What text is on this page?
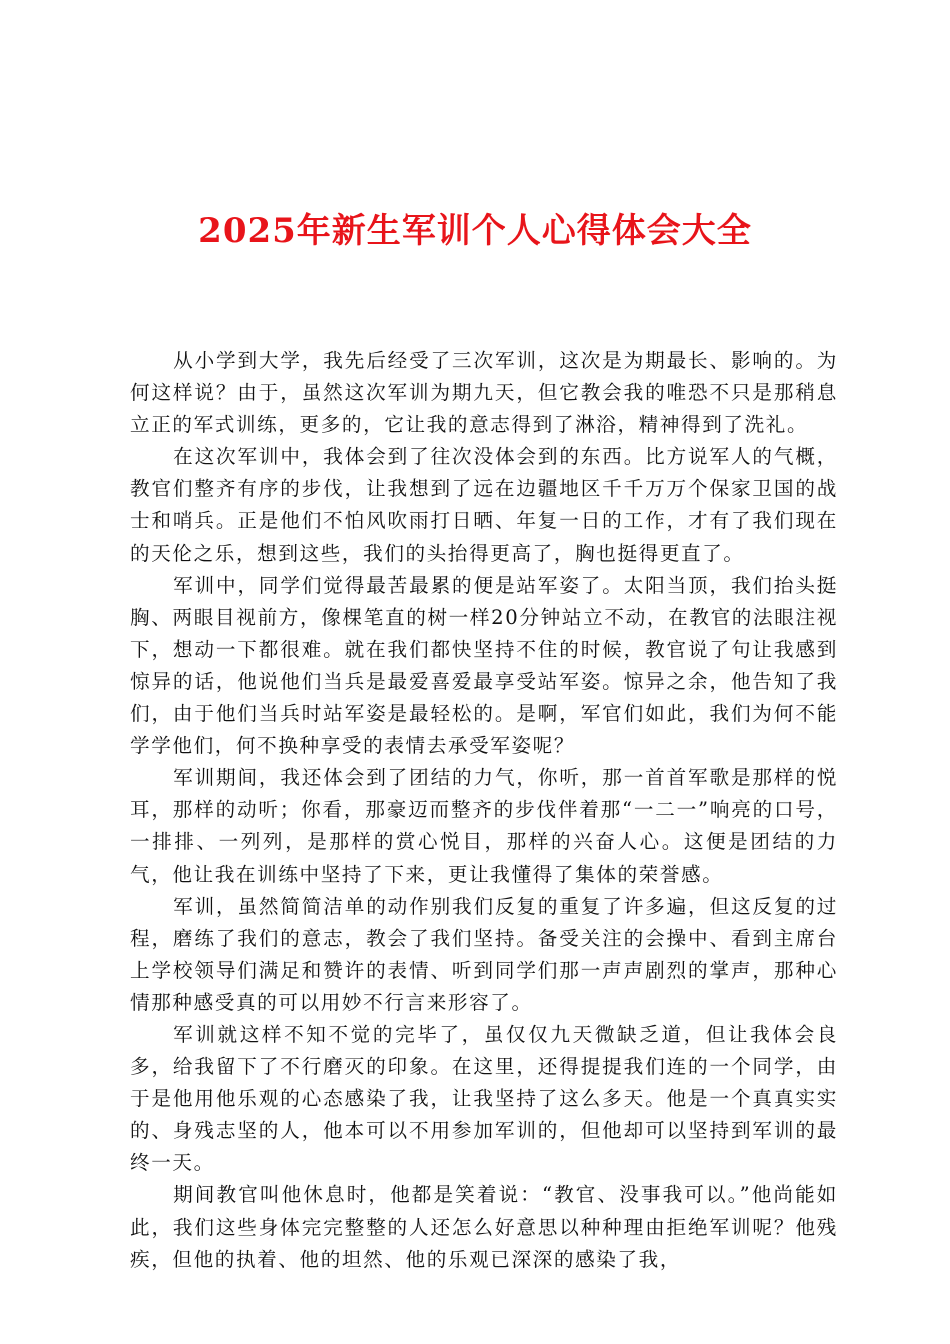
2025年新生军训个人心得体会大全

从小学到大学，我先后经受了三次军训，这次是为期最长、影响的。为何这样说？由于，虽然这次军训为期九天，但它教会我的唯恐不只是那稍息立正的军式训练，更多的，它让我的意志得到了淋浴，精神得到了洗礼。

在这次军训中，我体会到了往次没体会到的东西。比方说军人的气概，教官们整齐有序的步伐，让我想到了远在边疆地区千千万万个保家卫国的战士和哨兵。正是他们不怕风吹雨打日晒、年复一日的工作，才有了我们现在的天伦之乐，想到这些，我们的头抬得更高了，胸也挺得更直了。

军训中，同学们觉得最苦最累的便是站军姿了。太阳当顶，我们抬头挺胸、两眼目视前方，像棵笔直的树一样20分钟站立不动，在教官的法眼注视下，想动一下都很难。就在我们都快坚持不住的时候，教官说了句让我感到惊异的话，他说他们当兵是最爱喜爱最享受站军姿。惊异之余，他告知了我们，由于他们当兵时站军姿是最轻松的。是啊，军官们如此，我们为何不能学学他们，何不换种享受的表情去承受军姿呢？

军训期间，我还体会到了团结的力气，你听，那一首首军歌是那样的悦耳，那样的动听；你看，那豪迈而整齐的步伐伴着那“一二一”响亮的口号，一排排、一列列，是那样的赏心悦目，那样的兴奋人心。这便是团结的力气，他让我在训练中坚持了下来，更让我懂得了集体的荣誉感。

军训，虽然简简洁单的动作别我们反复的重复了许多遍，但这反复的过程，磨练了我们的意志，教会了我们坚持。备受关注的会操中、看到主席台上学校领导们满足和赞许的表情、听到同学们那一声声剧烈的掌声，那种心情那种感受真的可以用妙不行言来形容了。

军训就这样不知不觉的完毕了，虽仅仅九天微缺乏道，但让我体会良多，给我留下了不行磨灭的印象。在这里，还得提提我们连的一个同学，由于是他用他乐观的心态感染了我，让我坚持了这么多天。他是一个真真实实的、身残志坚的人，他本可以不用参加军训的，但他却可以坚持到军训的最终一天。

期间教官叫他休息时，他都是笑着说：“教官、没事我可以。”他尚能如此，我们这些身体完完整整的人还怎么好意思以种种理由拒绝军训呢？他残疾，但他的执着、他的坦然、他的乐观已深深的感染了我，
